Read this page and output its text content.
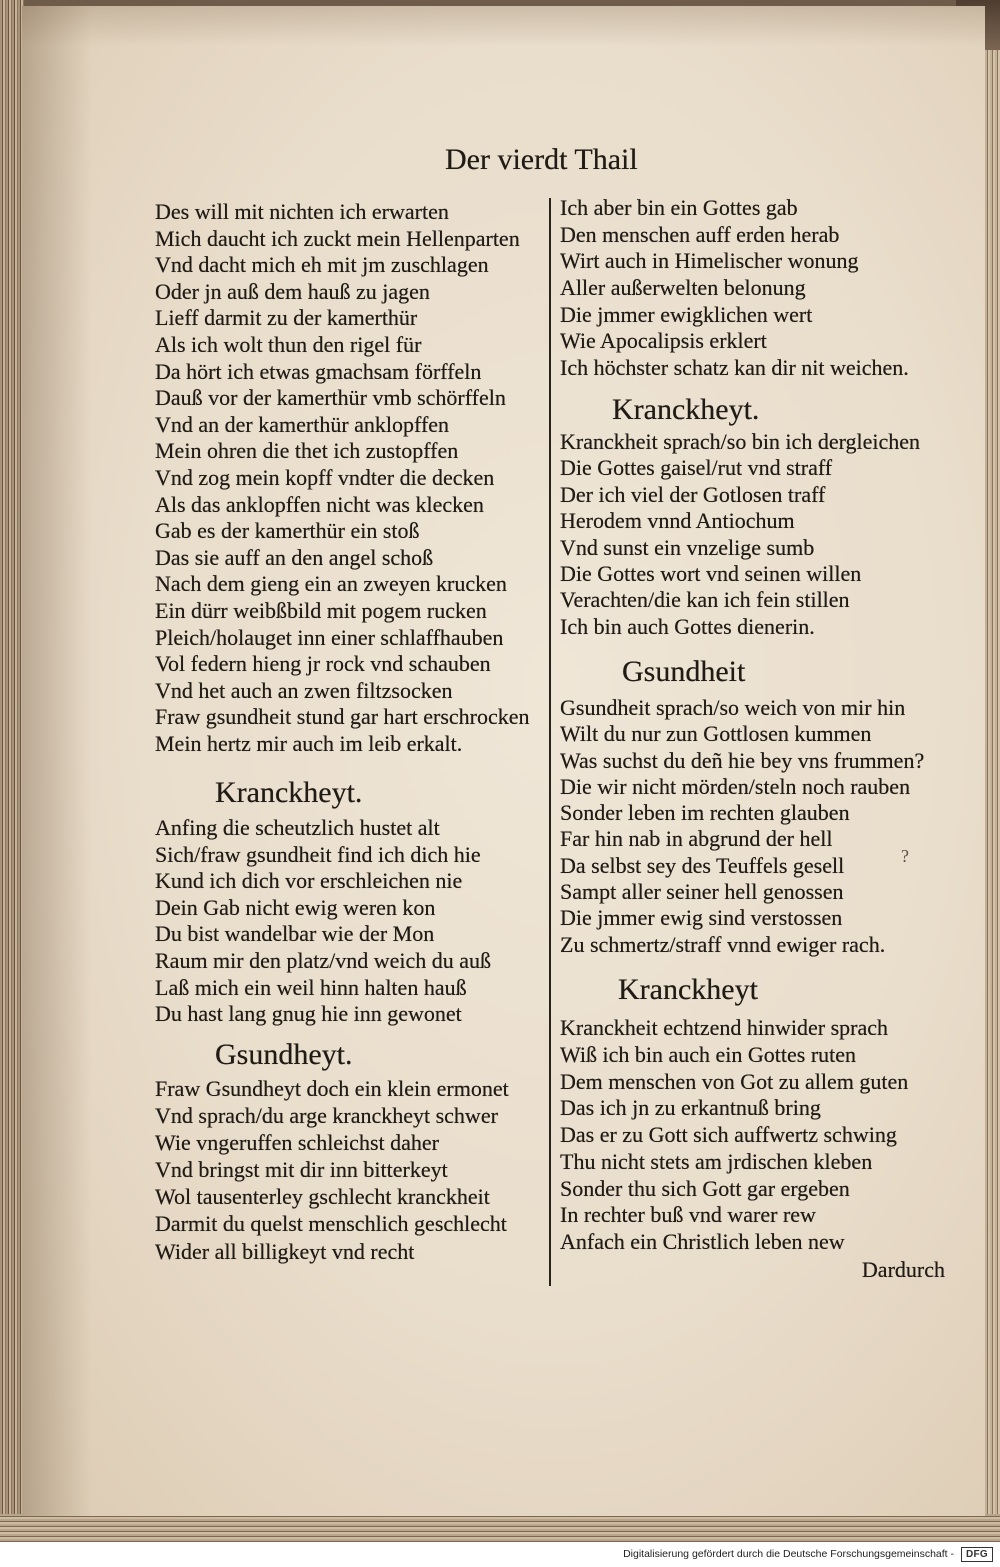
Der vierdt Thail
Des will mit nichten ich erwarten
Mich daucht ich zuckt mein Hellenparten
Vnd dacht mich eh mit jm zuschlagen
Oder jn auß dem hauß zu jagen
Lieff darmit zu der kamerthür
Als ich wolt thun den rigel für
Da hört ich etwas gmachsam förffeln
Dauß vor der kamerthür vmb schörffeln
Vnd an der kamerthür anklopffen
Mein ohren die thet ich zustopffen
Vnd zog mein kopff vndter die decken
Als das anklopffen nicht was klecken
Gab es der kamerthür ein stoß
Das sie auff an den angel schoß
Nach dem gieng ein an zweyen krucken
Ein dürr weibßbild mit pogem rucken
Pleich/holauget inn einer schlaffhauben
Vol federn hieng jr rock vnd schauben
Vnd het auch an zwen filtzsocken
Fraw gsundheit stund gar hart erschrocken
Mein hertz mir auch im leib erkalt.
Kranckheyt.
Anfing die scheutzlich hustet alt
Sich/fraw gsundheit find ich dich hie
Kund ich dich vor erschleichen nie
Dein Gab nicht ewig weren kon
Du bist wandelbar wie der Mon
Raum mir den platz/vnd weich du auß
Laß mich ein weil hinn halten hauß
Du hast lang gnug hie inn gewonet
Gsundheyt.
Fraw Gsundheyt doch ein klein ermonet
Vnd sprach/du arge kranckheyt schwer
Wie vngeruffen schleichst daher
Vnd bringst mit dir inn bitterkeyt
Wol tausenterley gschlecht kranckheit
Darmit du quelst menschlich geschlecht
Wider all billigkeyt vnd recht
Ich aber bin ein Gottes gab
Den menschen auff erden herab
Wirt auch in Himelischer wonung
Aller außerwelten belonung
Die jmmer ewigklichen wert
Wie Apocalipsis erklert
Ich höchster schatz kan dir nit weichen.
Kranckheyt.
Kranckheit sprach/so bin ich dergleichen
Die Gottes gaisel/rut vnd straff
Der ich viel der Gotlosen traff
Herodem vnnd Antiochum
Vnd sunst ein vnzelige sumb
Die Gottes wort vnd seinen willen
Verachten/die kan ich fein stillen
Ich bin auch Gottes dienerin.
Gsundheit
Gsundheit sprach/so weich von mir hin
Wilt du nur zun Gottlosen kummen
Was suchst du deñ hie bey vns frummen?
Die wir nicht mörden/steln noch rauben
Sonder leben im rechten glauben
Far hin nab in abgrund der hell
Da selbst sey des Teuffels gesell
Sampt aller seiner hell genossen
Die jmmer ewig sind verstossen
Zu schmertz/straff vnnd ewiger rach.
Kranckheyt
Kranckheit echtzend hinwider sprach
Wiß ich bin auch ein Gottes ruten
Dem menschen von Got zu allem guten
Das ich jn zu erkantnuß bring
Das er zu Gott sich auffwertz schwing
Thu nicht stets am jrdischen kleben
Sonder thu sich Gott gar ergeben
In rechter buß vnd warer rew
Anfach ein Christlich leben new
?
Dardurch
Digitalisierung gefördert durch die Deutsche Forschungsgemeinschaft -	DFG
